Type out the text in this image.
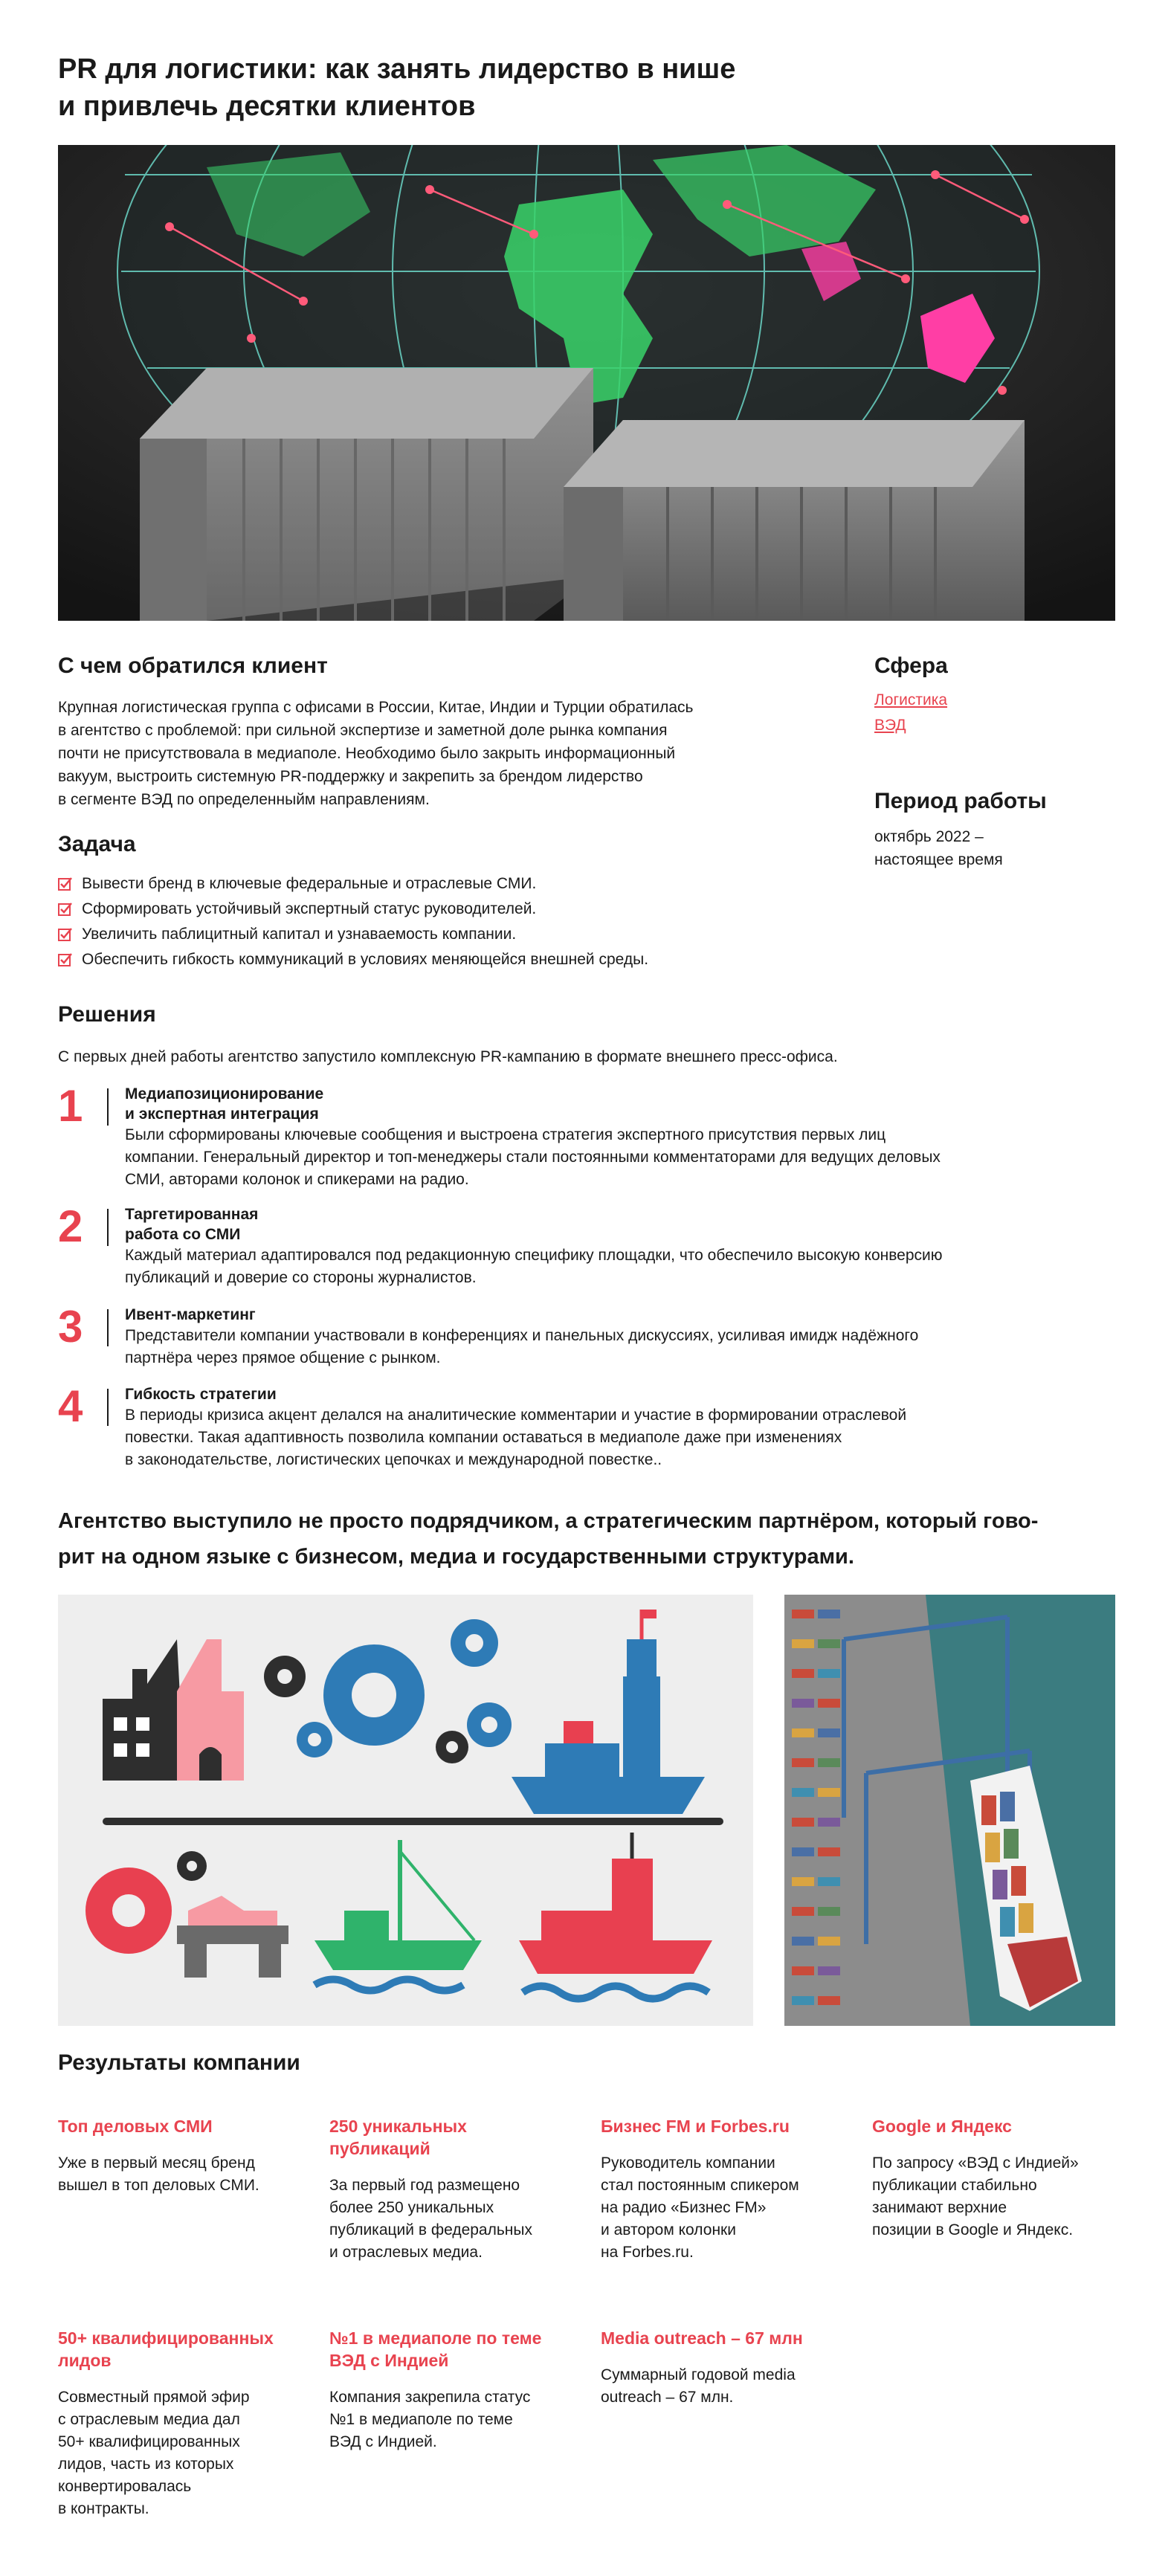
PR для логистики: как занять лидерство в нише
и привлечь десятки клиентов
С чем обратился клиент
Крупная логистическая группа с офисами в России, Китае, Индии и Турции обратилась
в агентство с проблемой: при сильной экспертизе и заметной доле рынка компания
почти не присутствовала в медиаполе. Необходимо было закрыть информационный
вакуум, выстроить системную PR-поддержку и закрепить за брендом лидерство
в сегменте ВЭД по определенныйм направлениям.
Сфера
Логистика
ВЭД
Период работы
октябрь 2022 –
настоящее время
Задача
Вывести бренд в ключевые федеральные и отраслевые СМИ.
Сформировать устойчивый экспертный статус руководителей.
Увеличить паблицитный капитал и узнаваемость компании.
Обеспечить гибкость коммуникаций в условиях меняющейся внешней среды.
Решения
С первых дней работы агентство запустило комплексную PR-кампанию в формате внешнего пресс-офиса.
1	Медиапозиционирование
и экспертная интеграция
Были сформированы ключевые сообщения и выстроена стратегия экспертного присутствия первых лиц
компании. Генеральный директор и топ-менеджеры стали постоянными комментаторами для ведущих деловых
СМИ, авторами колонок и спикерами на радио.
2	Таргетированная
работа со СМИ
Каждый материал адаптировался под редакционную специфику площадки, что обеспечило высокую конверсию
публикаций и доверие со стороны журналистов.
3	Ивент-маркетинг
Представители компании участвовали в конференциях и панельных дискуссиях, усиливая имидж надёжного
партнёра через прямое общение с рынком.
4	Гибкость стратегии
В периоды кризиса акцент делался на аналитические комментарии и участие в формировании отраслевой
повестки. Такая адаптивность позволила компании оставаться в медиаполе даже при изменениях
в законодательстве, логистических цепочках и международной повестке..
Агентство выступило не просто подрядчиком, а стратегическим партнёром, который гово-
рит на одном языке с бизнесом, медиа и государственными структурами.
Результаты компании
Топ деловых СМИ
Уже в первый месяц бренд
вышел в топ деловых СМИ.
250 уникальных
публикаций
За первый год размещено
более 250 уникальных
публикаций в федеральных
и отраслевых медиа.
Бизнес FM и Forbes.ru
Руководитель компании
стал постоянным спикером
на радио «Бизнес FM»
и автором колонки
на Forbes.ru.
Google и Яндекс
По запросу «ВЭД с Индией»
публикации стабильно
занимают верхние
позиции в Google и Яндекс.
50+ квалифицированных
лидов
Совместный прямой эфир
с отраслевым медиа дал
50+ квалифицированных
лидов, часть из которых
конвертировалась
в контракты.
№1 в медиаполе по теме
ВЭД с Индией
Компания закрепила статус
№1 в медиаполе по теме
ВЭД с Индией.
Media outreach – 67 млн
Суммарный годовой media
outreach – 67 млн.
